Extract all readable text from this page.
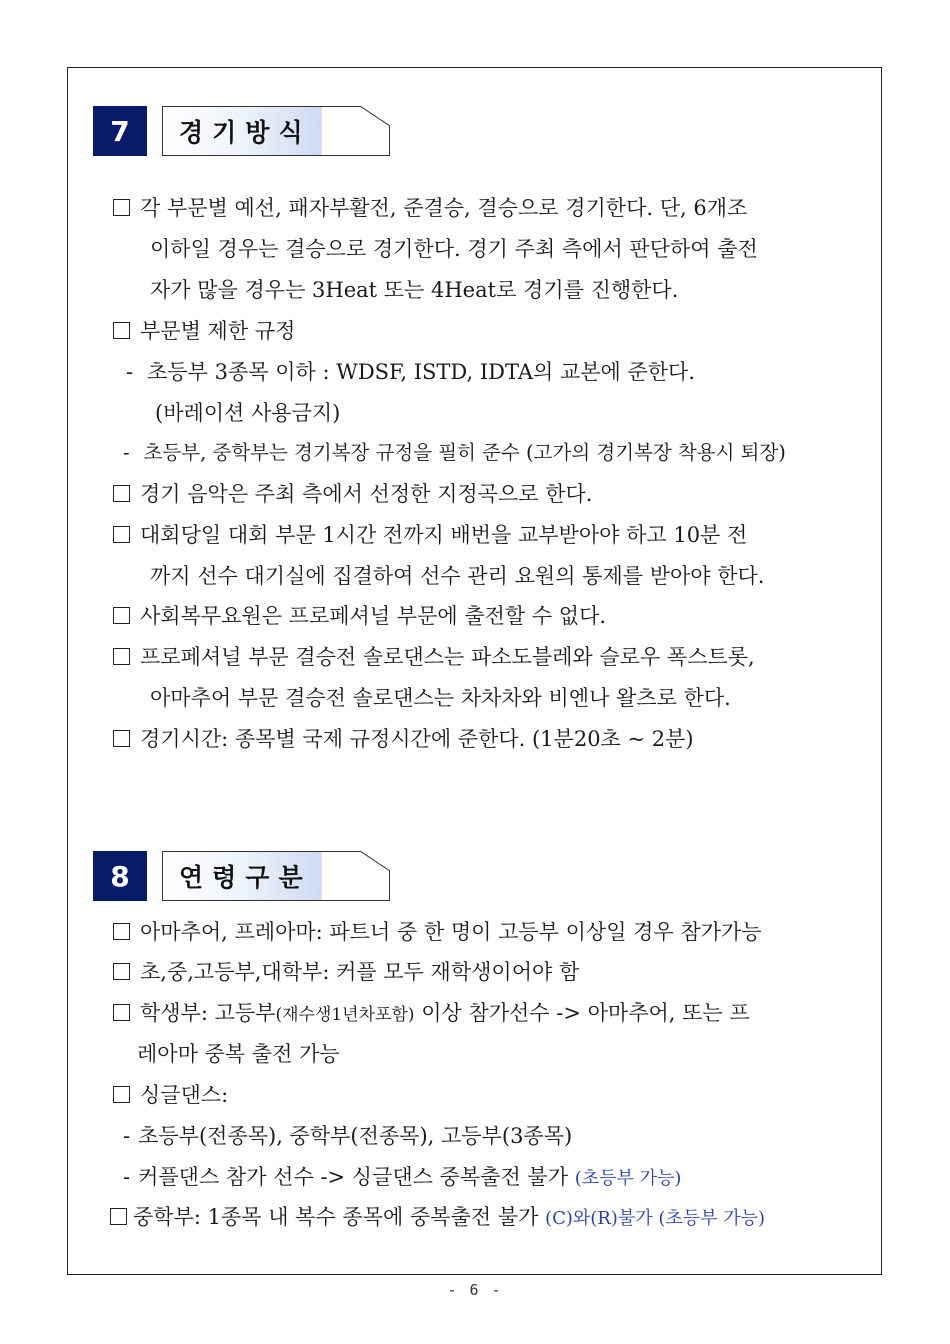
7	경기방식
각 부문별 예선, 패자부활전, 준결승, 결승으로 경기한다. 단, 6개조
이하일 경우는 결승으로 경기한다. 경기 주최 측에서 판단하여 출전
자가 많을 경우는 3Heat 또는 4Heat로 경기를 진행한다.
부문별 제한 규정
- 초등부 3종목 이하 : WDSF, ISTD, IDTA의 교본에 준한다.
(바레이션 사용금지)
- 초등부, 중학부는 경기복장 규정을 필히 준수 (고가의 경기복장 착용시 퇴장)
경기 음악은 주최 측에서 선정한 지정곡으로 한다.
대회당일 대회 부문 1시간 전까지 배번을 교부받아야 하고 10분 전
까지 선수 대기실에 집결하여 선수 관리 요원의 통제를 받아야 한다.
사회복무요원은 프로페셔널 부문에 출전할 수 없다.
프로페셔널 부문 결승전 솔로댄스는 파소도블레와 슬로우 폭스트롯,
아마추어 부문 결승전 솔로댄스는 차차차와 비엔나 왈츠로 한다.
경기시간: 종목별 국제 규정시간에 준한다. (1분20초 ~ 2분)
8	연령구분
아마추어, 프레아마: 파트너 중 한 명이 고등부 이상일 경우 참가가능
초,중,고등부,대학부: 커플 모두 재학생이어야 함
학생부: 고등부(재수생1년차포함) 이상 참가선수 -> 아마추어, 또는 프
레아마 중복 출전 가능
싱글댄스:
- 초등부(전종목), 중학부(전종목), 고등부(3종목)
- 커플댄스 참가 선수 -> 싱글댄스 중복출전 불가 (초등부 가능)
중학부: 1종목 내 복수 종목에 중복출전 불가 (C)와(R)불가 (초등부 가능)
- 6 -
